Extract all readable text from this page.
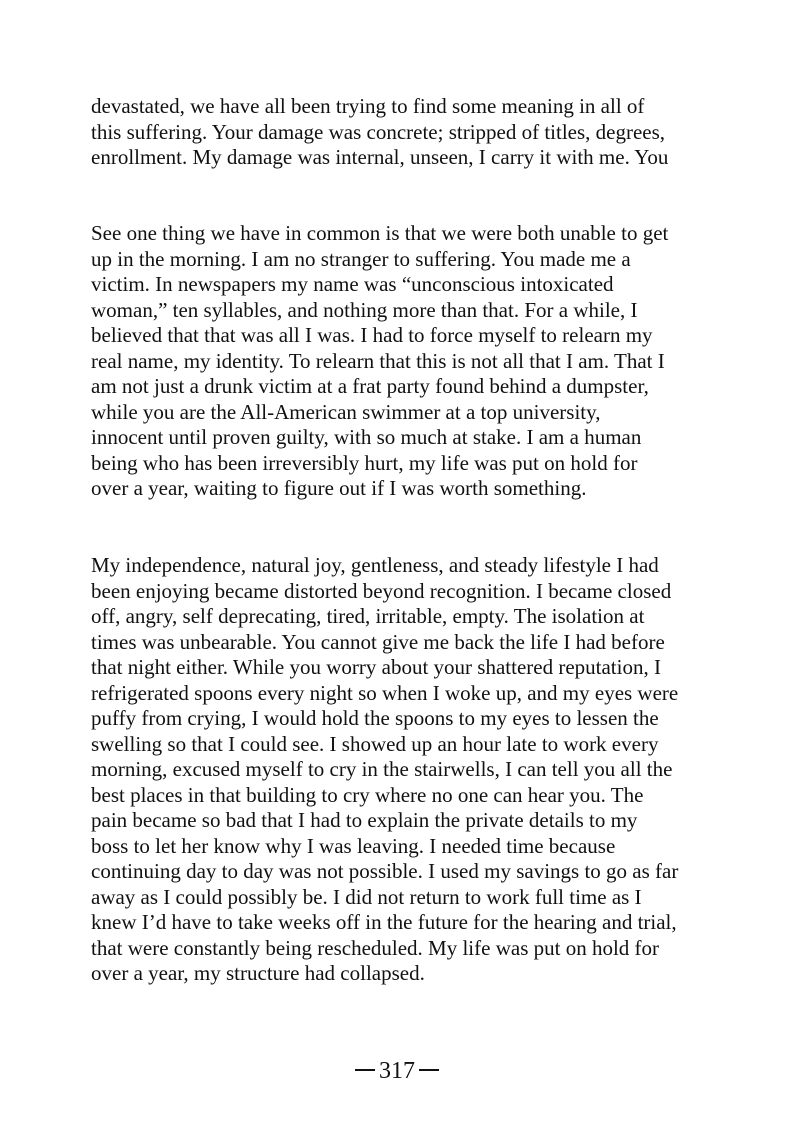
devastated, we have all been trying to find some meaning in all of
this suffering. Your damage was concrete; stripped of titles, degrees,
enrollment. My damage was internal, unseen, I carry it with me. You
See one thing we have in common is that we were both unable to get
up in the morning. I am no stranger to suffering. You made me a
victim. In newspapers my name was “unconscious intoxicated
woman,” ten syllables, and nothing more than that. For a while, I
believed that that was all I was. I had to force myself to relearn my
real name, my identity. To relearn that this is not all that I am. That I
am not just a drunk victim at a frat party found behind a dumpster,
while you are the All-American swimmer at a top university,
innocent until proven guilty, with so much at stake. I am a human
being who has been irreversibly hurt, my life was put on hold for
over a year, waiting to figure out if I was worth something.
My independence, natural joy, gentleness, and steady lifestyle I had
been enjoying became distorted beyond recognition. I became closed
off, angry, self deprecating, tired, irritable, empty. The isolation at
times was unbearable. You cannot give me back the life I had before
that night either. While you worry about your shattered reputation, I
refrigerated spoons every night so when I woke up, and my eyes were
puffy from crying, I would hold the spoons to my eyes to lessen the
swelling so that I could see. I showed up an hour late to work every
morning, excused myself to cry in the stairwells, I can tell you all the
best places in that building to cry where no one can hear you. The
pain became so bad that I had to explain the private details to my
boss to let her know why I was leaving. I needed time because
continuing day to day was not possible. I used my savings to go as far
away as I could possibly be. I did not return to work full time as I
knew I’d have to take weeks off in the future for the hearing and trial,
that were constantly being rescheduled. My life was put on hold for
over a year, my structure had collapsed.
317
